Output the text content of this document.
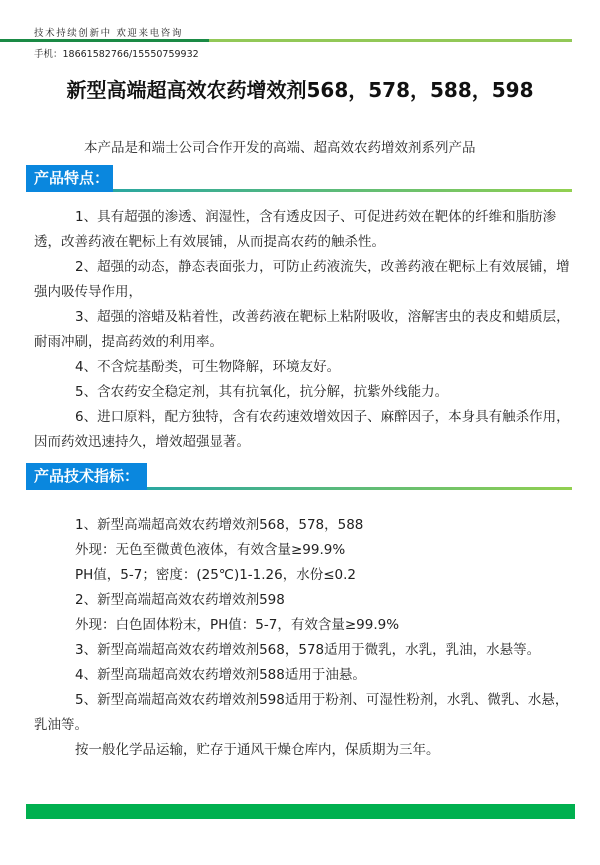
技术持续创新中 欢迎来电咨询
手机：18661582766/15550759932
新型高端超高效农药增效剂568，578，588，598
本产品是和端士公司合作开发的高端、超高效农药增效剂系列产品
产品特点：

1、具有超强的渗透、润湿性，含有透皮因子、可促进药效在靶体的纤维和脂肪渗透，改善药液在靶标上有效展铺，从而提高农药的触杀性。

2、超强的动态，静态表面张力，可防止药液流失，改善药液在靶标上有效展铺，增强内吸传导作用，

3、超强的溶蜡及粘着性，改善药液在靶标上粘附吸收，溶解害虫的表皮和蜡质层，耐雨冲刷，提高药效的利用率。

4、不含烷基酚类，可生物降解，环境友好。

5、含农药安全稳定剂，其有抗氧化，抗分解，抗紫外线能力。

6、进口原料，配方独特，含有农药速效增效因子、麻醉因子，本身具有触杀作用，因而药效迅速持久，增效超强显著。

产品技术指标：

1、新型高端超高效农药增效剂568，578，588

外现：无色至微黄色液体，有效含量≥99.9%

PH值，5-7；密度：(25℃)1-1.26，水份≤0.2

2、新型高端超高效农药增效剂598

外现：白色固体粉末，PH值：5-7，有效含量≥99.9%

3、新型高端超高效农药增效剂568，578适用于微乳，水乳，乳油，水悬等。

4、新型高瑞超高效农药增效剂588适用于油悬。

5、新型高端超高效农药增效剂598适用于粉剂、可湿性粉剂，水乳、微乳、水悬，乳油等。

按一般化学品运输，贮存于通风干燥仓库内，保质期为三年。
